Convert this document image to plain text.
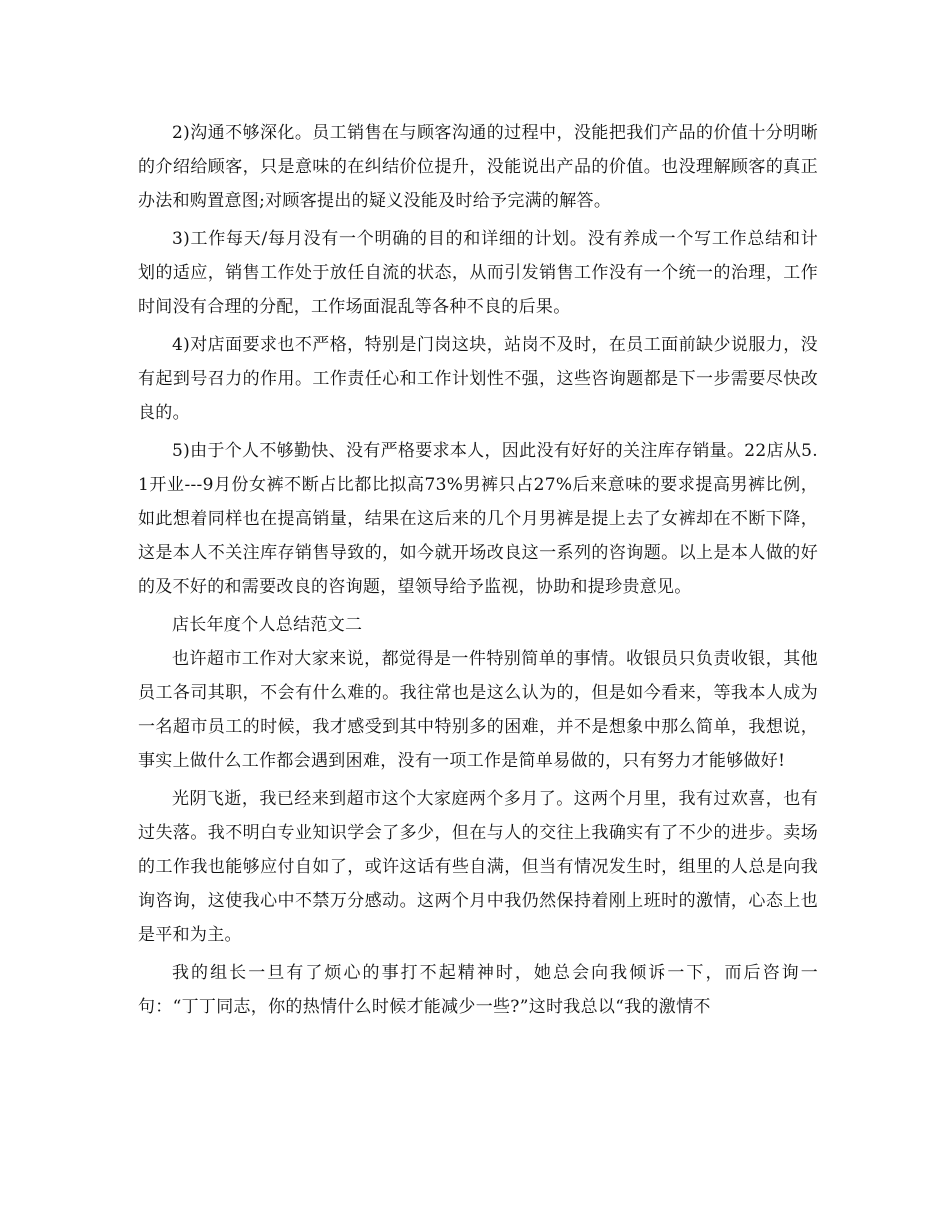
2)沟通不够深化。员工销售在与顾客沟通的过程中，没能把我们产品的价值十分明晰的介绍给顾客，只是意味的在纠结价位提升，没能说出产品的价值。也没理解顾客的真正办法和购置意图;对顾客提出的疑义没能及时给予完满的解答。

3)工作每天/每月没有一个明确的目的和详细的计划。没有养成一个写工作总结和计划的适应，销售工作处于放任自流的状态，从而引发销售工作没有一个统一的治理，工作时间没有合理的分配，工作场面混乱等各种不良的后果。

4)对店面要求也不严格，特别是门岗这块，站岗不及时，在员工面前缺少说服力，没有起到号召力的作用。工作责任心和工作计划性不强，这些咨询题都是下一步需要尽快改良的。

5)由于个人不够勤快、没有严格要求本人，因此没有好好的关注库存销量。22店从5.1开业---9月份女裤不断占比都比拟高73%男裤只占27%后来意味的要求提高男裤比例，如此想着同样也在提高销量，结果在这后来的几个月男裤是提上去了女裤却在不断下降，这是本人不关注库存销售导致的，如今就开场改良这一系列的咨询题。以上是本人做的好的及不好的和需要改良的咨询题，望领导给予监视，协助和提珍贵意见。

店长年度个人总结范文二

也许超市工作对大家来说，都觉得是一件特别简单的事情。收银员只负责收银，其他员工各司其职，不会有什么难的。我往常也是这么认为的，但是如今看来，等我本人成为一名超市员工的时候，我才感受到其中特别多的困难，并不是想象中那么简单，我想说，事实上做什么工作都会遇到困难，没有一项工作是简单易做的，只有努力才能够做好!

光阴飞逝，我已经来到超市这个大家庭两个多月了。这两个月里，我有过欢喜，也有过失落。我不明白专业知识学会了多少，但在与人的交往上我确实有了不少的进步。卖场的工作我也能够应付自如了，或许这话有些自满，但当有情况发生时，组里的人总是向我询咨询，这使我心中不禁万分感动。这两个月中我仍然保持着刚上班时的激情，心态上也是平和为主。

我的组长一旦有了烦心的事打不起精神时，她总会向我倾诉一下，而后咨询一句：“丁丁同志，你的热情什么时候才能减少一些?”这时我总以“我的激情不
